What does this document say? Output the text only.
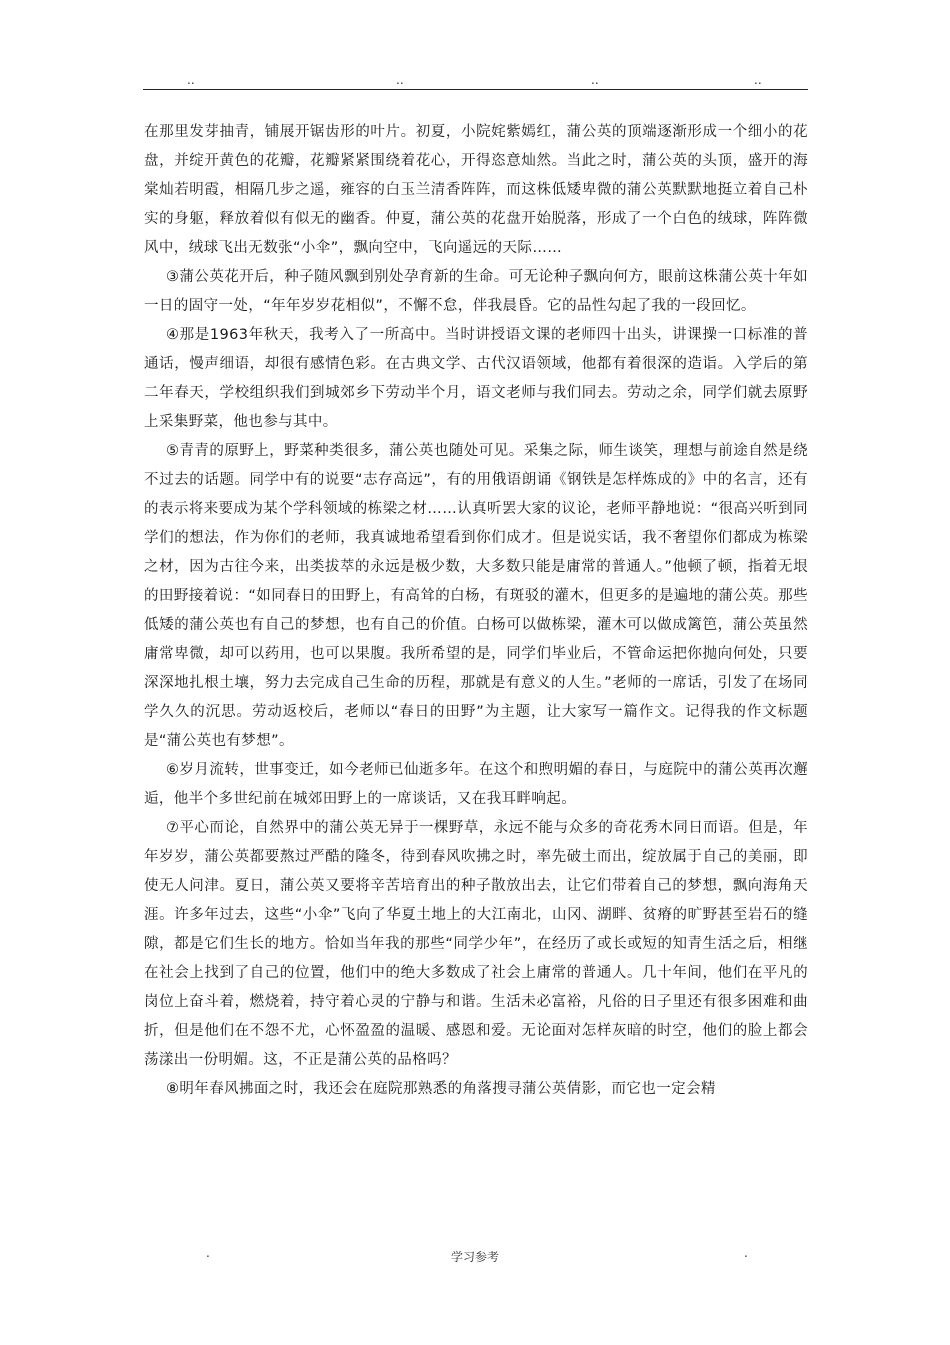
..	..	..	..

在那里发芽抽青，铺展开锯齿形的叶片。初夏，小院姹紫嫣红，蒲公英的顶端逐渐形成一个细小的花盘，并绽开黄色的花瓣，花瓣紧紧围绕着花心，开得恣意灿然。当此之时，蒲公英的头顶，盛开的海棠灿若明霞，相隔几步之遥，雍容的白玉兰清香阵阵，而这株低矮卑微的蒲公英默默地挺立着自己朴实的身躯，释放着似有似无的幽香。仲夏，蒲公英的花盘开始脱落，形成了一个白色的绒球，阵阵微风中，绒球飞出无数张“小伞”，飘向空中，飞向遥远的天际……

③蒲公英花开后，种子随风飘到别处孕育新的生命。可无论种子飘向何方，眼前这株蒲公英十年如一日的固守一处，“年年岁岁花相似”，不懈不怠，伴我晨昏。它的品性勾起了我的一段回忆。

④那是1963年秋天，我考入了一所高中。当时讲授语文课的老师四十出头，讲课操一口标准的普通话，慢声细语，却很有感情色彩。在古典文学、古代汉语领域，他都有着很深的造诣。入学后的第二年春天，学校组织我们到城郊乡下劳动半个月，语文老师与我们同去。劳动之余，同学们就去原野上采集野菜，他也参与其中。

⑤青青的原野上，野菜种类很多，蒲公英也随处可见。采集之际，师生谈笑，理想与前途自然是绕不过去的话题。同学中有的说要“志存高远”，有的用俄语朗诵《钢铁是怎样炼成的》中的名言，还有的表示将来要成为某个学科领域的栋梁之材……认真听罢大家的议论，老师平静地说：“很高兴听到同学们的想法，作为你们的老师，我真诚地希望看到你们成才。但是说实话，我不奢望你们都成为栋梁之材，因为古往今来，出类拔萃的永远是极少数，大多数只能是庸常的普通人。”他顿了顿，指着无垠的田野接着说：“如同春日的田野上，有高耸的白杨，有斑驳的灌木，但更多的是遍地的蒲公英。那些低矮的蒲公英也有自己的梦想，也有自己的价值。白杨可以做栋梁，灌木可以做成篱笆，蒲公英虽然庸常卑微，却可以药用，也可以果腹。我所希望的是，同学们毕业后，不管命运把你抛向何处，只要深深地扎根土壤，努力去完成自己生命的历程，那就是有意义的人生。”老师的一席话，引发了在场同学久久的沉思。劳动返校后，老师以“春日的田野”为主题，让大家写一篇作文。记得我的作文标题是“蒲公英也有梦想”。

⑥岁月流转，世事变迁，如今老师已仙逝多年。在这个和煦明媚的春日，与庭院中的蒲公英再次邂逅，他半个多世纪前在城郊田野上的一席谈话，又在我耳畔响起。

⑦平心而论，自然界中的蒲公英无异于一棵野草，永远不能与众多的奇花秀木同日而语。但是，年年岁岁，蒲公英都要熬过严酷的隆冬，待到春风吹拂之时，率先破土而出，绽放属于自己的美丽，即使无人问津。夏日，蒲公英又要将辛苦培育出的种子散放出去，让它们带着自己的梦想，飘向海角天涯。许多年过去，这些“小伞”飞向了华夏土地上的大江南北，山冈、湖畔、贫瘠的旷野甚至岩石的缝隙，都是它们生长的地方。恰如当年我的那些“同学少年”，在经历了或长或短的知青生活之后，相继在社会上找到了自己的位置，他们中的绝大多数成了社会上庸常的普通人。几十年间，他们在平凡的岗位上奋斗着，燃烧着，持守着心灵的宁静与和谐。生活未必富裕，凡俗的日子里还有很多困难和曲折，但是他们在不怨不尤，心怀盈盈的温暖、感恩和爱。无论面对怎样灰暗的时空，他们的脸上都会荡漾出一份明媚。这，不正是蒲公英的品格吗？

⑧明年春风拂面之时，我还会在庭院那熟悉的角落搜寻蒲公英倩影，而它也一定会精

.	学习参考	.
